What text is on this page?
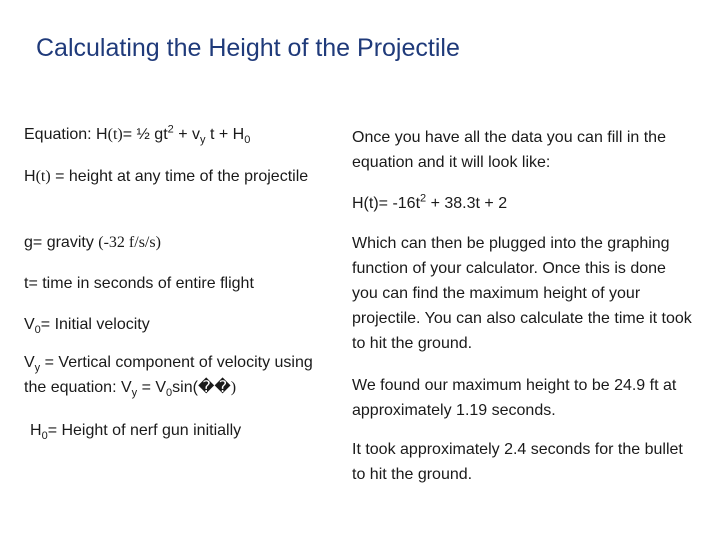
Calculating the Height of the Projectile
Equation: H(t)= ½ $gt^2 + v_y$ $t + H_0$
H(t) = height at any time of the projectile
g= gravity (-32 f/s/s)
t= time in seconds of entire flight
$V_0=$ Initial velocity
$V_y$ = Vertical component of velocity using the equation: $V_y$ = $V_0\sin(��)$
$H_0=$ Height of nerf gun initially
Once you have all the data you can fill in the equation and it will look like:
$H(t)= -16t^2 + 38.3t + 2$
Which can then be plugged into the graphing function of your calculator. Once this is done you can find the maximum height of your projectile. You can also calculate the time it took to hit the ground.
We found our maximum height to be 24.9 ft at approximately 1.19 seconds.
It took approximately 2.4 seconds for the bullet to hit the ground.
